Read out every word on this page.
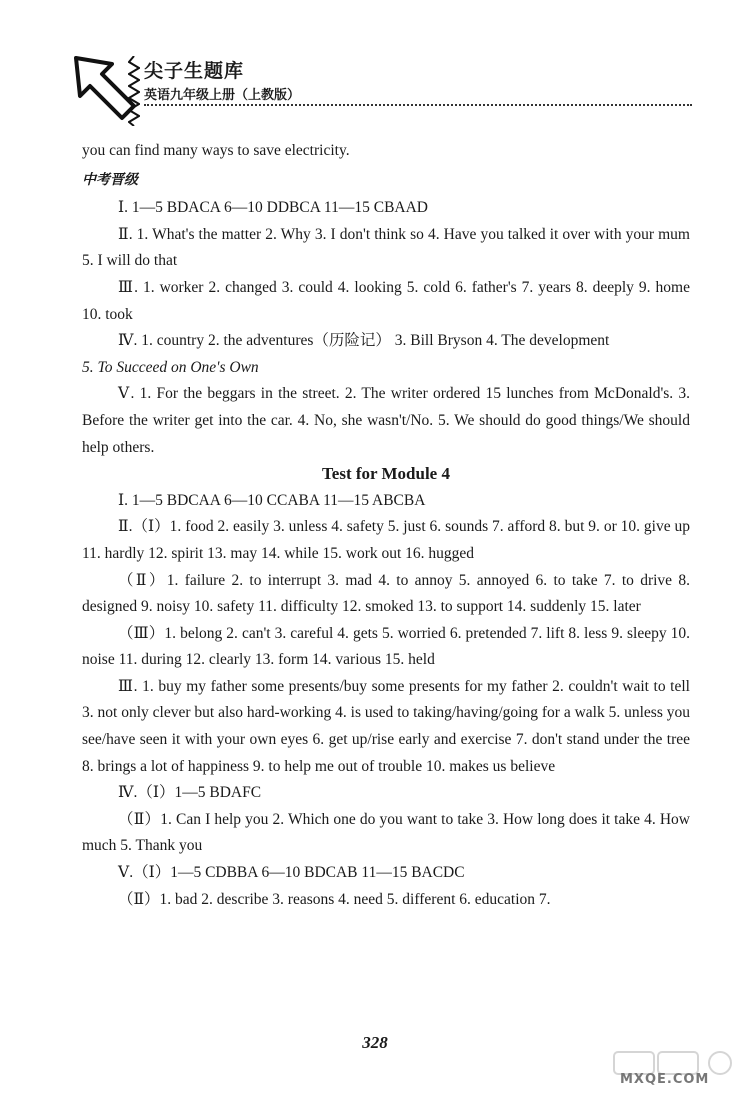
尖子生题库
英语九年级上册（上教版）

you can find many ways to save electricity.

中考晋级

Ⅰ. 1—5 BDACA 6—10 DDBCA 11—15 CBAAD

Ⅱ. 1. What's the matter 2. Why 3. I don't think so 4. Have you talked it over with your mum 5. I will do that

Ⅲ. 1. worker 2. changed 3. could 4. looking 5. cold 6. father's 7. years 8. deeply 9. home 10. took

Ⅳ. 1. country 2. the adventures（历险记） 3. Bill Bryson 4. The development

5. To Succeed on One's Own

Ⅴ. 1. For the beggars in the street. 2. The writer ordered 15 lunches from McDonald's. 3. Before the writer get into the car. 4. No, she wasn't/No. 5. We should do good things/We should help others.

Test for Module 4

Ⅰ. 1—5 BDCAA 6—10 CCABA 11—15 ABCBA

Ⅱ.（Ⅰ）1. food 2. easily 3. unless 4. safety 5. just 6. sounds 7. afford 8. but 9. or 10. give up 11. hardly 12. spirit 13. may 14. while 15. work out 16. hugged

（Ⅱ）1. failure 2. to interrupt 3. mad 4. to annoy 5. annoyed 6. to take 7. to drive 8. designed 9. noisy 10. safety 11. difficulty 12. smoked 13. to support 14. suddenly 15. later

（Ⅲ）1. belong 2. can't 3. careful 4. gets 5. worried 6. pretended 7. lift 8. less 9. sleepy 10. noise 11. during 12. clearly 13. form 14. various 15. held

Ⅲ. 1. buy my father some presents/buy some presents for my father 2. couldn't wait to tell 3. not only clever but also hard-working 4. is used to taking/having/going for a walk 5. unless you see/have seen it with your own eyes 6. get up/rise early and exercise 7. don't stand under the tree 8. brings a lot of happiness 9. to help me out of trouble 10. makes us believe

Ⅳ.（Ⅰ）1—5 BDAFC

（Ⅱ）1. Can I help you 2. Which one do you want to take 3. How long does it take 4. How much 5. Thank you

Ⅴ.（Ⅰ）1—5 CDBBA 6—10 BDCAB 11—15 BACDC

（Ⅱ）1. bad 2. describe 3. reasons 4. need 5. different 6. education 7.

328
MXQE.COM
